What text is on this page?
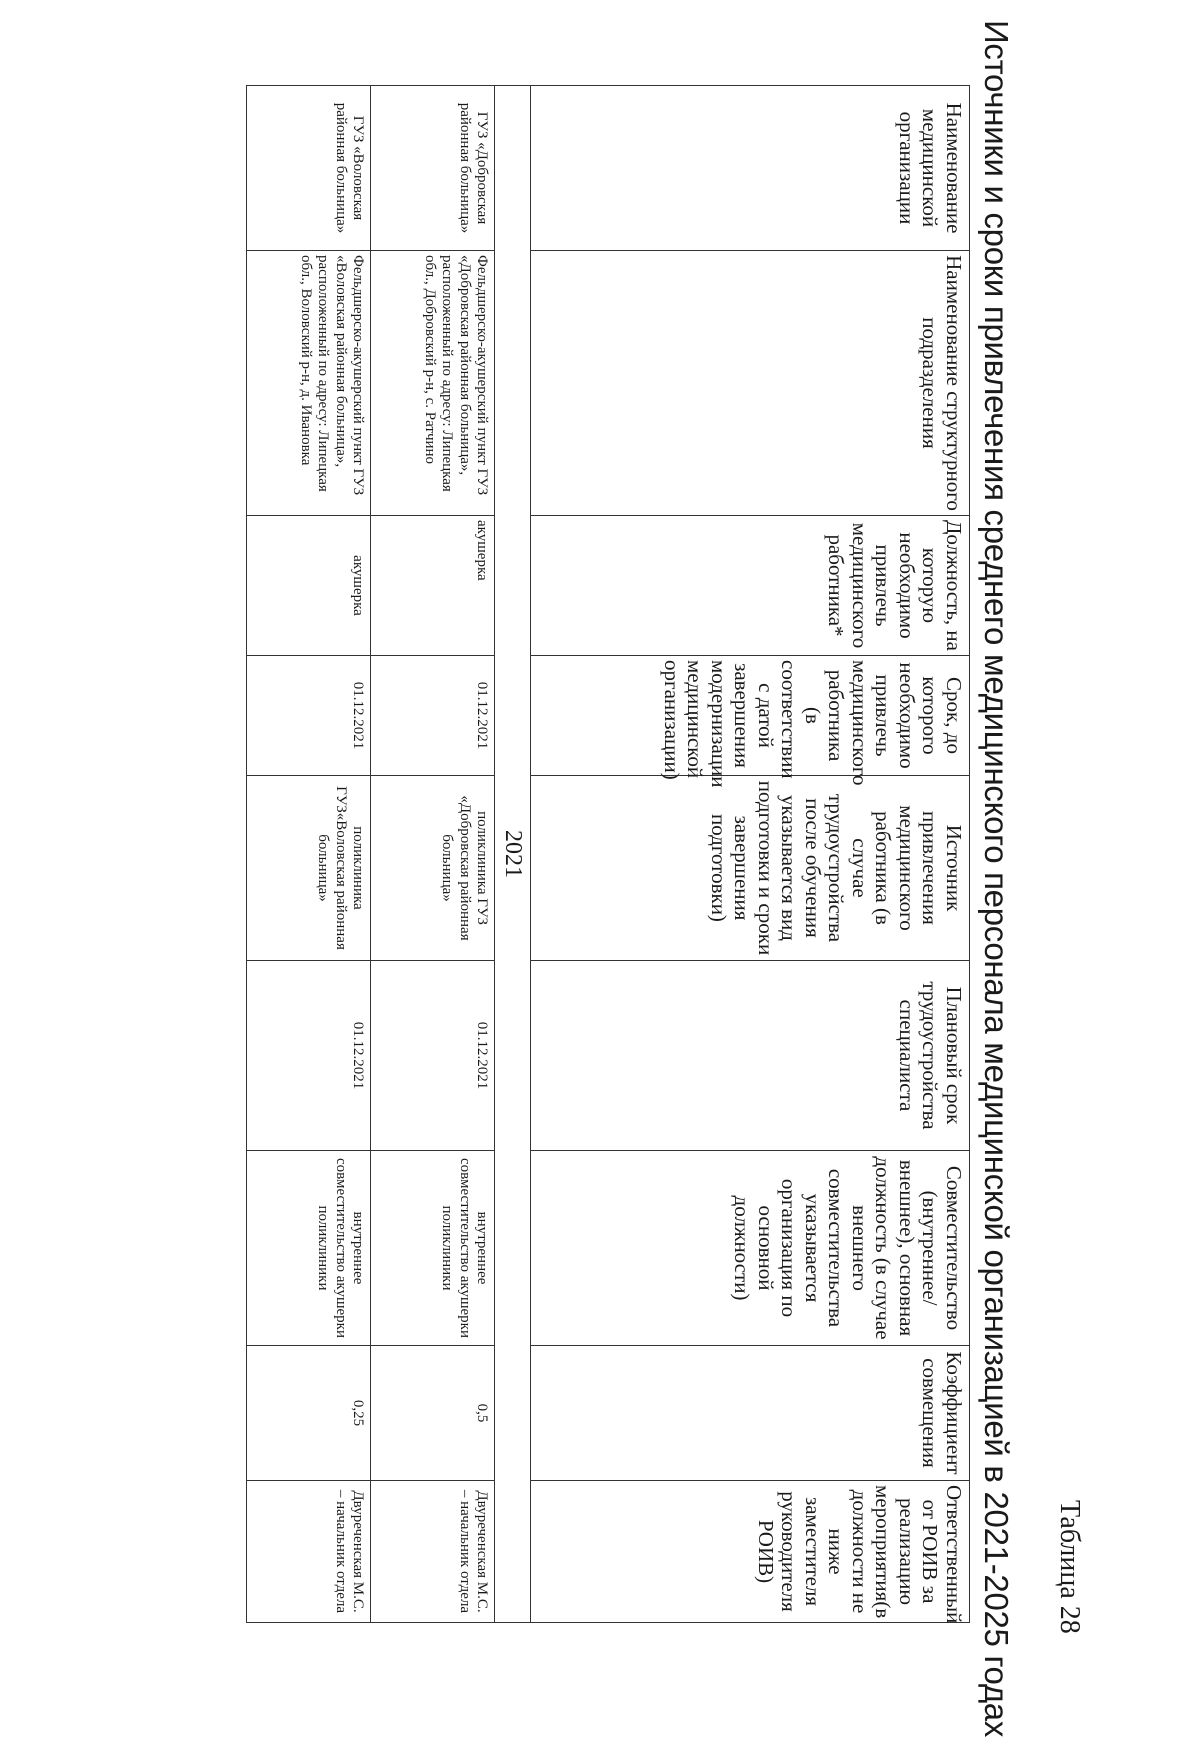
Таблица 28
Источники и сроки привлечения среднего медицинского персонала медицинской организацией в 2021-2025 годах
Наименование медицинской организации	Наименование структурного подразделения	Должность, на которую необходимо привлечь медицинского работника*	Срок, до которого необходимо привлечь медицинского работника (в соответствии с датой завершения модернизации медицинской организации)	Источник привлечения медицинского работника (в случае трудоустройства после обучения указывается вид подготовки и сроки завершения подготовки)	Плановый срок трудоустройства специалиста	Совместительство (внутреннее/внешнее), основная должность (в случае внешнего совместительства указывается организация по основной должности)	Коэффициент совмещения	Ответственный от РОИВ за реализацию мероприятия(в должности не ниже заместителя руководителя РОИВ)
2021								
ГУЗ «Добровская районная больница»	Фельдшерско-акушерский пункт ГУЗ «Добровская районная больница», расположенный по адресу: Липецкая обл., Добровский р-н, с. Ратчино	акушерка	01.12.2021	поликлиника ГУЗ «Добровская районная больница»	01.12.2021	внутреннее совместительство акушерки поликлиники	0,5	Двуреченская М.С. – начальник отдела
ГУЗ «Воловская районная больница»	Фельдшерско-акушерский пункт ГУЗ «Воловская районная больница», расположенный по адресу: Липецкая обл., Воловский р-н, д. Ивановка	акушерка	01.12.2021	поликлиника ГУЗ«Воловская районная больница»	01.12.2021	внутреннее совместительство акушерки поликлиники	0,25	Двуреченская М.С. – начальник отдела
